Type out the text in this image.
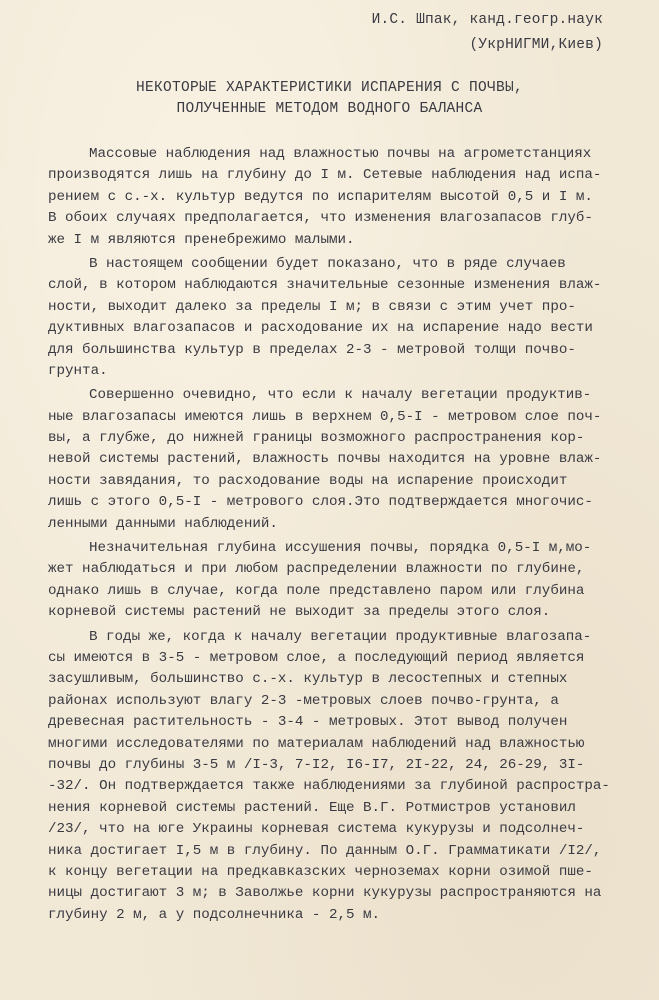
И.С. Шпак, канд.геогр.наук
(УкрНИГМИ,Киев)
НЕКОТОРЫЕ ХАРАКТЕРИСТИКИ ИСПАРЕНИЯ С ПОЧВЫ,
ПОЛУЧЕННЫЕ МЕТОДОМ ВОДНОГО БАЛАНСА
Массовые наблюдения над влажностью почвы на агрометстанциях
производятся лишь на глубину до I м. Сетевые наблюдения над испа-
рением с с.-х. культур ведутся по испарителям высотой 0,5 и I м.
В обоих случаях предполагается, что изменения влагозапасов глуб-
же I м являются пренебрежимо малыми.
В настоящем сообщении будет показано, что в ряде случаев
слой, в котором наблюдаются значительные сезонные изменения влаж-
ности, выходит далеко за пределы I м; в связи с этим учет про-
дуктивных влагозапасов и расходование их на испарение надо вести
для большинства культур в пределах 2-3 - метровой толщи почво-
грунта.
Совершенно очевидно, что если к началу вегетации продуктив-
ные влагозапасы имеются лишь в верхнем 0,5-I - метровом слое поч-
вы, а глубже, до нижней границы возможного распространения кор-
невой системы растений, влажность почвы находится на уровне влаж-
ности завядания, то расходование воды на испарение происходит
лишь с этого 0,5-I - метрового слоя.Это подтверждается многочис-
ленными данными наблюдений.
Незначительная глубина иссушения почвы, порядка 0,5-I м,мо-
жет наблюдаться и при любом распределении влажности по глубине,
однако лишь в случае, когда поле представлено паром или глубина
корневой системы растений не выходит за пределы этого слоя.
В годы же, когда к началу вегетации продуктивные влагозапа-
сы имеются в 3-5 - метровом слое, а последующий период является
засушливым, большинство с.-х. культур в лесостепных и степных
районах используют влагу 2-3 -метровых слоев почво-грунта, а
древесная растительность - 3-4 - метровых. Этот вывод получен
многими исследователями по материалам наблюдений над влажностью
почвы до глубины 3-5 м /I-3, 7-I2, I6-I7, 2I-22, 24, 26-29, 3I-
-32/. Он подтверждается также наблюдениями за глубиной распростра-
нения корневой системы растений. Еще В.Г. Ротмистров установил
/23/, что на юге Украины корневая система кукурузы и подсолнеч-
ника достигает I,5 м в глубину. По данным О.Г. Грамматикати /I2/,
к концу вегетации на предкавказских черноземах корни озимой пше-
ницы достигают 3 м; в Заволжье корни кукурузы распространяются на
глубину 2 м, а у подсолнечника - 2,5 м.
